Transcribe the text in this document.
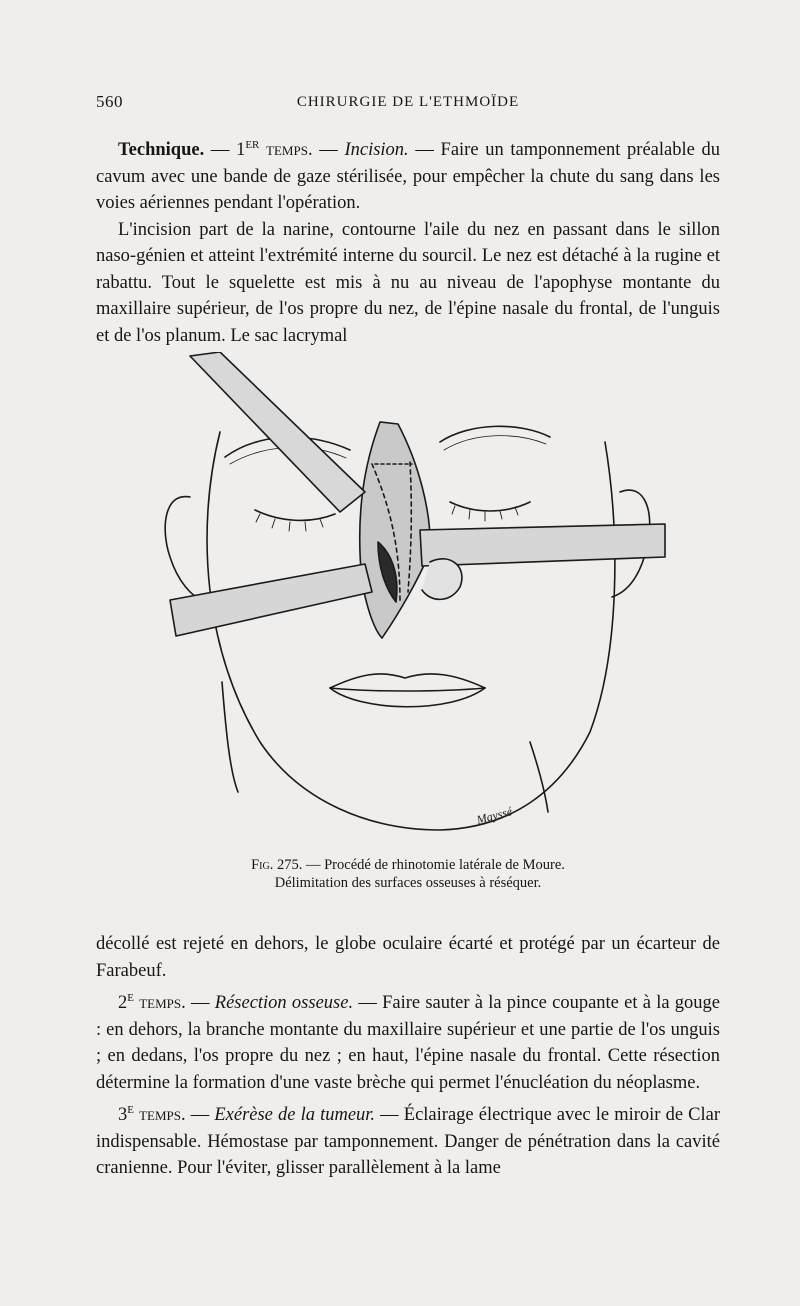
560	CHIRURGIE DE L'ETHMOÏDE

Technique. — 1er temps. — Incision. — Faire un tamponnement préalable du cavum avec une bande de gaze stérilisée, pour empêcher la chute du sang dans les voies aériennes pendant l'opération.

L'incision part de la narine, contourne l'aile du nez en passant dans le sillon naso-génien et atteint l'extrémité interne du sourcil. Le nez est détaché à la rugine et rabattu. Tout le squelette est mis à nu au niveau de l'apophyse montante du maxillaire supérieur, de l'os propre du nez, de l'épine nasale du frontal, de l'unguis et de l'os planum. Le sac lacrymal

Mayssé
Fig. 275. — Procédé de rhinotomie latérale de Moure.
Délimitation des surfaces osseuses à réséquer.

décollé est rejeté en dehors, le globe oculaire écarté et protégé par un écarteur de Farabeuf.

2e temps. — Résection osseuse. — Faire sauter à la pince coupante et à la gouge : en dehors, la branche montante du maxillaire supérieur et une partie de l'os unguis ; en dedans, l'os propre du nez ; en haut, l'épine nasale du frontal. Cette résection détermine la formation d'une vaste brèche qui permet l'énucléation du néoplasme.

3e temps. — Exérèse de la tumeur. — Éclairage électrique avec le miroir de Clar indispensable. Hémostase par tamponnement. Danger de pénétration dans la cavité cranienne. Pour l'éviter, glisser parallèlement à la lame
